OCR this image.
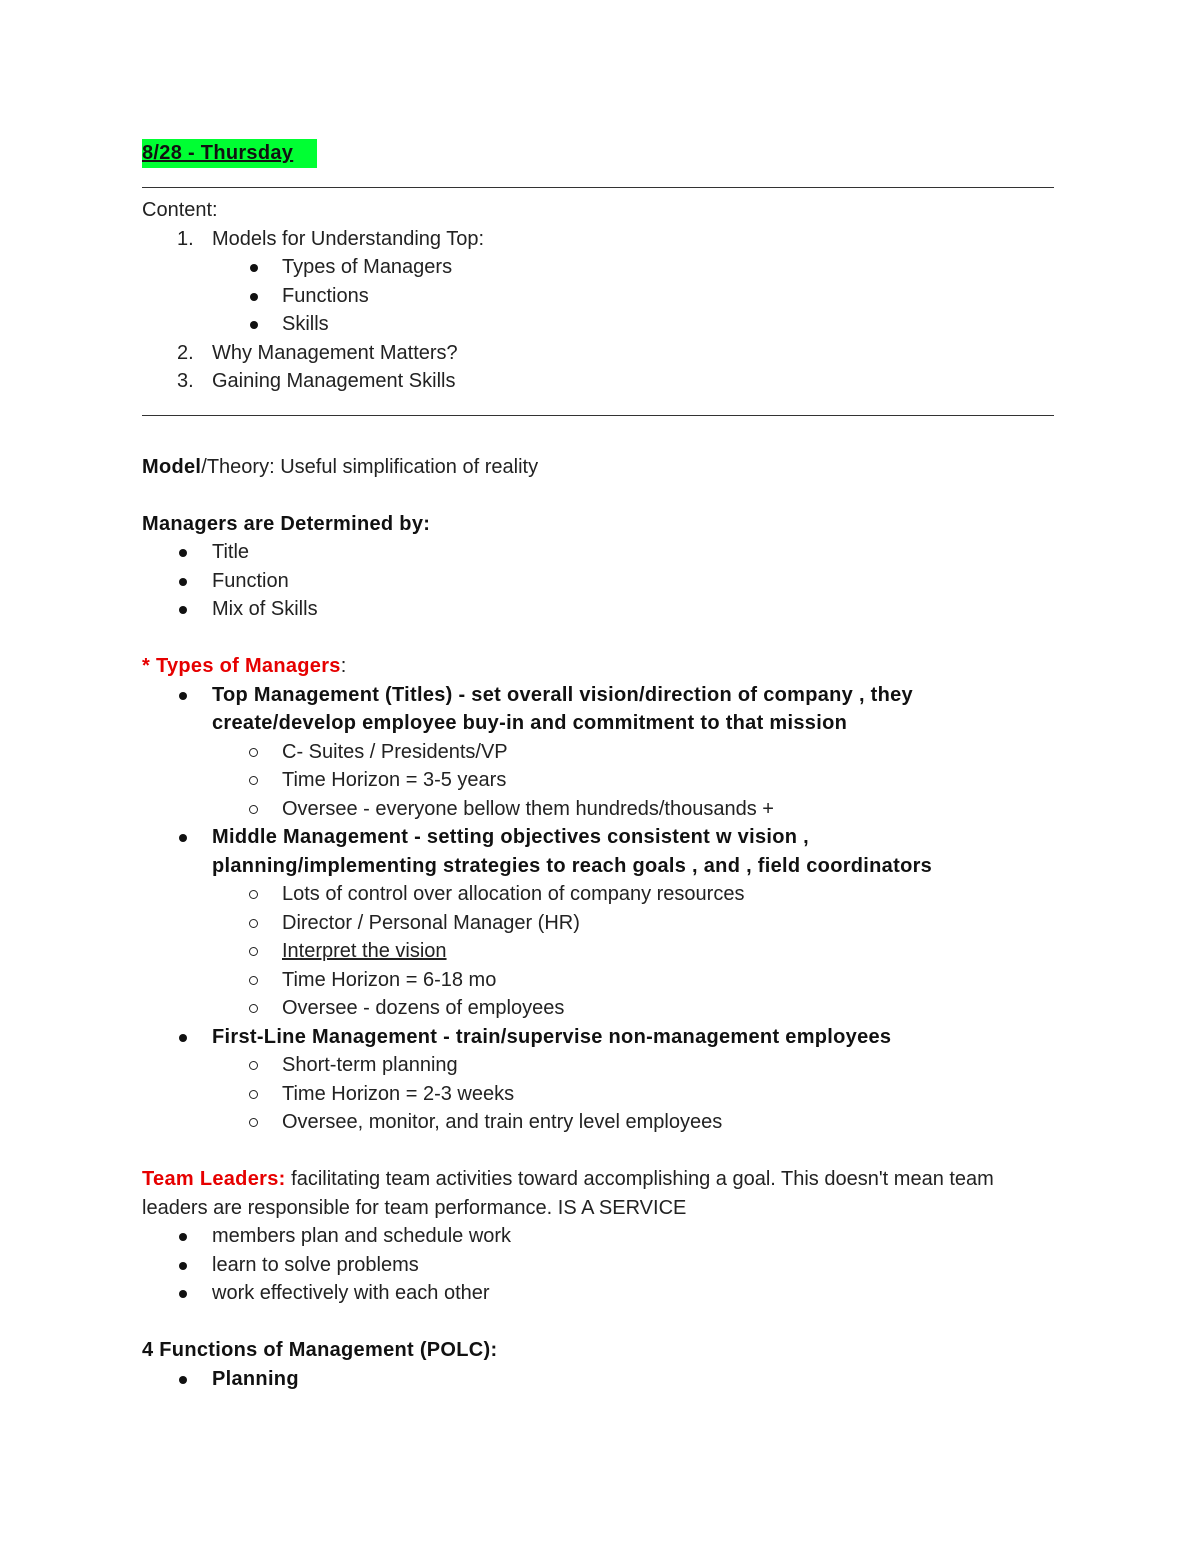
8/28 - Thursday
Content:
1. Models for Understanding Top:
Types of Managers
Functions
Skills
2. Why Management Matters?
3. Gaining Management Skills
Model/Theory: Useful simplification of reality
Managers are Determined by:
Title
Function
Mix of Skills
* Types of Managers:
Top Management (Titles) - set overall vision/direction of company , they
create/develop employee buy-in and commitment to that mission
C- Suites / Presidents/VP
Time Horizon = 3-5 years
Oversee - everyone bellow them hundreds/thousands +
Middle Management - setting objectives consistent w vision ,
planning/implementing strategies to reach goals , and , field coordinators
Lots of control over allocation of company resources
Director / Personal Manager (HR)
Interpret the vision
Time Horizon = 6-18 mo
Oversee - dozens of employees
First-Line Management - train/supervise non-management employees
Short-term planning
Time Horizon = 2-3 weeks
Oversee, monitor, and train entry level employees
Team Leaders: facilitating team activities toward accomplishing a goal. This doesn't mean team
leaders are responsible for team performance. IS A SERVICE
members plan and schedule work
learn to solve problems
work effectively with each other
4 Functions of Management (POLC):
Planning
